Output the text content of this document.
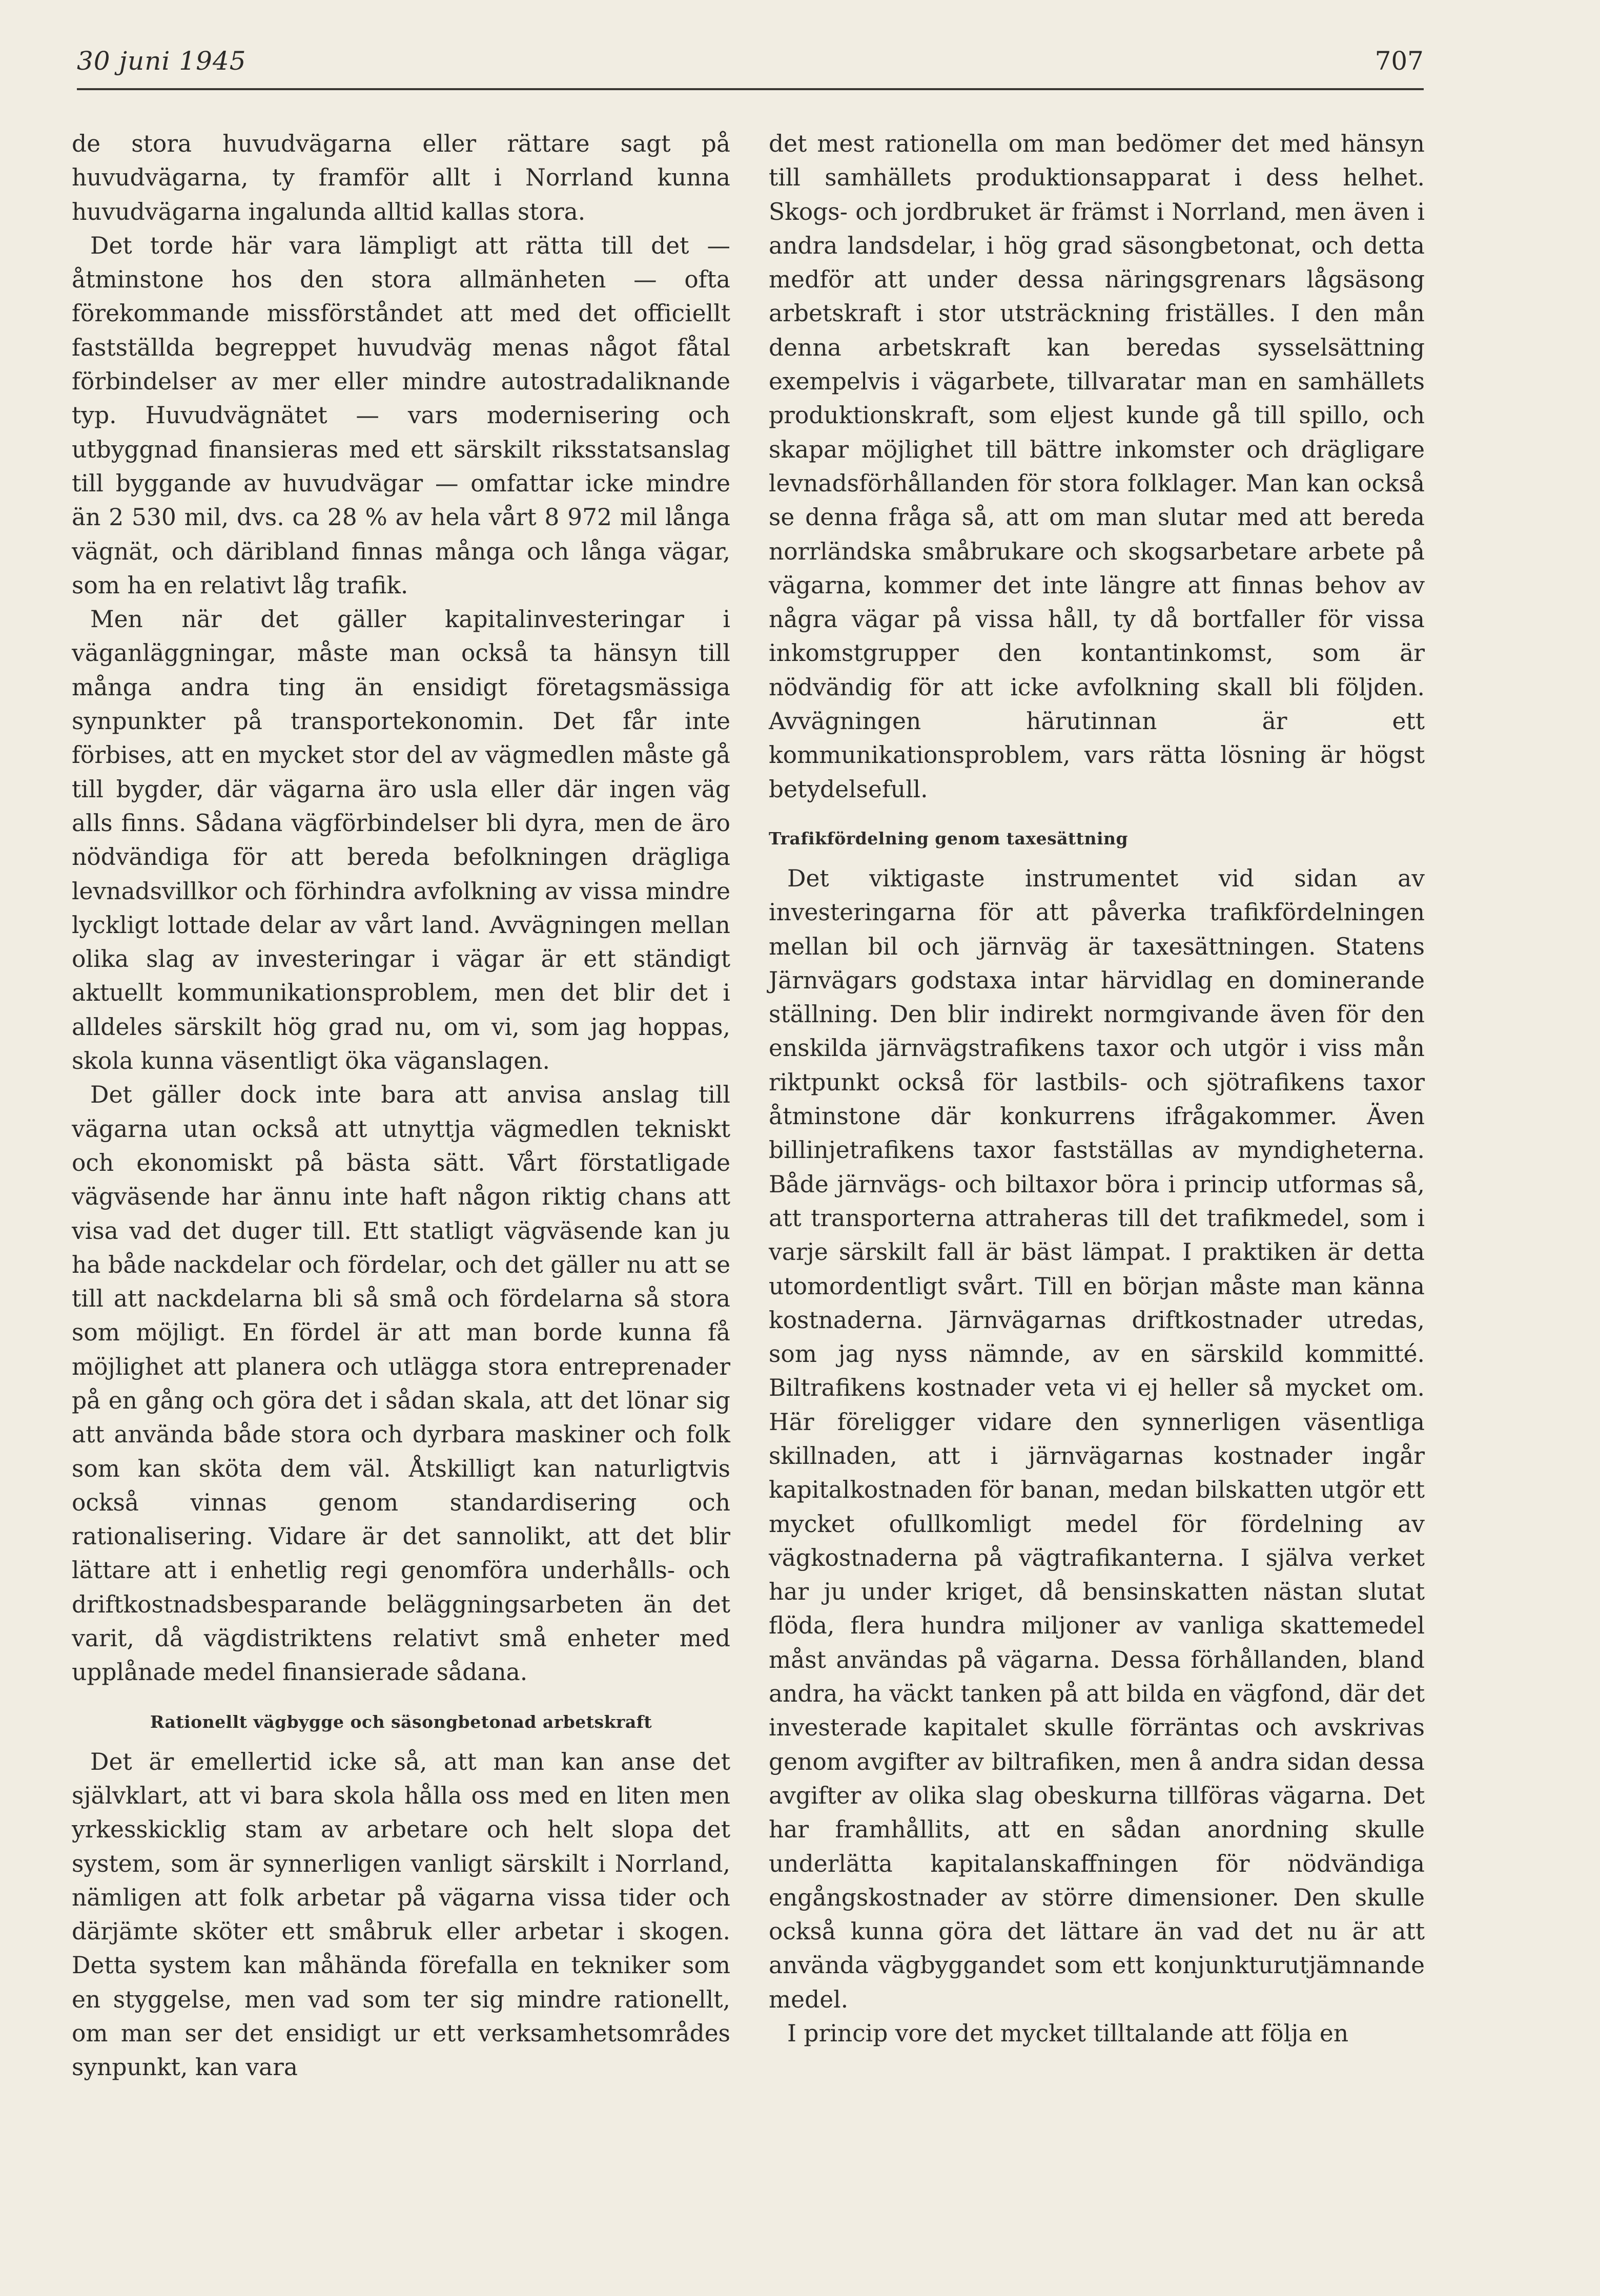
30 juni 1945	707

de stora huvudvägarna eller rättare sagt på huvudvägarna, ty framför allt i Norrland kunna huvudvägarna ingalunda alltid kallas stora.

Det torde här vara lämpligt att rätta till det — åtminstone hos den stora allmänheten — ofta förekommande missförståndet att med det officiellt fastställda begreppet huvudväg menas något fåtal förbindelser av mer eller mindre autostradaliknande typ. Huvudvägnätet — vars modernisering och utbyggnad finansieras med ett särskilt riksstatsanslag till byggande av huvudvägar — omfattar icke mindre än 2 530 mil, dvs. ca 28 % av hela vårt 8 972 mil långa vägnät, och däribland finnas många och långa vägar, som ha en relativt låg trafik.

Men när det gäller kapitalinvesteringar i väganläggningar, måste man också ta hänsyn till många andra ting än ensidigt företagsmässiga synpunkter på transportekonomin. Det får inte förbises, att en mycket stor del av vägmedlen måste gå till bygder, där vägarna äro usla eller där ingen väg alls finns. Sådana vägförbindelser bli dyra, men de äro nödvändiga för att bereda befolkningen drägliga levnadsvillkor och förhindra avfolkning av vissa mindre lyckligt lottade delar av vårt land. Avvägningen mellan olika slag av investeringar i vägar är ett ständigt aktuellt kommunikationsproblem, men det blir det i alldeles särskilt hög grad nu, om vi, som jag hoppas, skola kunna väsentligt öka väganslagen.

Det gäller dock inte bara att anvisa anslag till vägarna utan också att utnyttja vägmedlen tekniskt och ekonomiskt på bästa sätt. Vårt förstatligade vägväsende har ännu inte haft någon riktig chans att visa vad det duger till. Ett statligt vägväsende kan ju ha både nackdelar och fördelar, och det gäller nu att se till att nackdelarna bli så små och fördelarna så stora som möjligt. En fördel är att man borde kunna få möjlighet att planera och utlägga stora entreprenader på en gång och göra det i sådan skala, att det lönar sig att använda både stora och dyrbara maskiner och folk som kan sköta dem väl. Åtskilligt kan naturligtvis också vinnas genom standardisering och rationalisering. Vidare är det sannolikt, att det blir lättare att i enhetlig regi genomföra underhålls- och driftkostnadsbesparande beläggningsarbeten än det varit, då vägdistriktens relativt små enheter med upplånade medel finansierade sådana.

Rationellt vägbygge och säsongbetonad arbetskraft

Det är emellertid icke så, att man kan anse det självklart, att vi bara skola hålla oss med en liten men yrkesskicklig stam av arbetare och helt slopa det system, som är synnerligen vanligt särskilt i Norrland, nämligen att folk arbetar på vägarna vissa tider och därjämte sköter ett småbruk eller arbetar i skogen. Detta system kan måhända förefalla en tekniker som en styggelse, men vad som ter sig mindre rationellt, om man ser det ensidigt ur ett verksamhetsområdes synpunkt, kan vara

det mest rationella om man bedömer det med hänsyn till samhällets produktionsapparat i dess helhet. Skogs- och jordbruket är främst i Norrland, men även i andra landsdelar, i hög grad säsongbetonat, och detta medför att under dessa näringsgrenars lågsäsong arbetskraft i stor utsträckning friställes. I den mån denna arbetskraft kan beredas sysselsättning exempelvis i vägarbete, tillvaratar man en samhällets produktionskraft, som eljest kunde gå till spillo, och skapar möjlighet till bättre inkomster och drägligare levnadsförhållanden för stora folklager. Man kan också se denna fråga så, att om man slutar med att bereda norrländska småbrukare och skogsarbetare arbete på vägarna, kommer det inte längre att finnas behov av några vägar på vissa håll, ty då bortfaller för vissa inkomstgrupper den kontantinkomst, som är nödvändig för att icke avfolkning skall bli följden. Avvägningen härutinnan är ett kommunikationsproblem, vars rätta lösning är högst betydelsefull.

Trafikfördelning genom taxesättning

Det viktigaste instrumentet vid sidan av investeringarna för att påverka trafikfördelningen mellan bil och järnväg är taxesättningen. Statens Järnvägars godstaxa intar härvidlag en dominerande ställning. Den blir indirekt normgivande även för den enskilda järnvägstrafikens taxor och utgör i viss mån riktpunkt också för lastbils- och sjötrafikens taxor åtminstone där konkurrens ifrågakommer. Även billinjetrafikens taxor fastställas av myndigheterna. Både järnvägs- och biltaxor böra i princip utformas så, att transporterna attraheras till det trafikmedel, som i varje särskilt fall är bäst lämpat. I praktiken är detta utomordentligt svårt. Till en början måste man känna kostnaderna. Järnvägarnas driftkostnader utredas, som jag nyss nämnde, av en särskild kommitté. Biltrafikens kostnader veta vi ej heller så mycket om. Här föreligger vidare den synnerligen väsentliga skillnaden, att i järnvägarnas kostnader ingår kapitalkostnaden för banan, medan bilskatten utgör ett mycket ofullkomligt medel för fördelning av vägkostnaderna på vägtrafikanterna. I själva verket har ju under kriget, då bensinskatten nästan slutat flöda, flera hundra miljoner av vanliga skattemedel måst användas på vägarna. Dessa förhållanden, bland andra, ha väckt tanken på att bilda en vägfond, där det investerade kapitalet skulle förräntas och avskrivas genom avgifter av biltrafiken, men å andra sidan dessa avgifter av olika slag obeskurna tillföras vägarna. Det har framhållits, att en sådan anordning skulle underlätta kapitalanskaffningen för nödvändiga engångskostnader av större dimensioner. Den skulle också kunna göra det lättare än vad det nu är att använda vägbyggandet som ett konjunkturutjämnande medel.

I princip vore det mycket tilltalande att följa en
